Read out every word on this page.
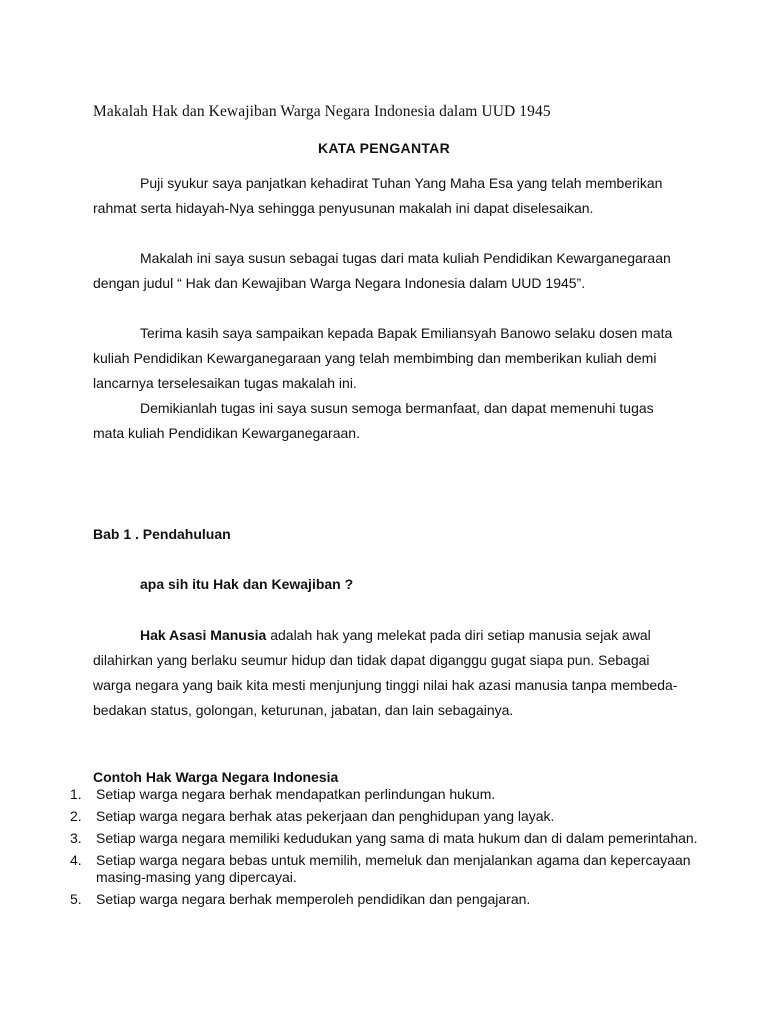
Makalah Hak dan Kewajiban Warga Negara Indonesia dalam UUD 1945
KATA PENGANTAR

Puji syukur saya panjatkan kehadirat Tuhan Yang Maha Esa yang telah memberikan rahmat serta hidayah-Nya sehingga penyusunan makalah ini dapat diselesaikan.

Makalah ini saya susun sebagai tugas dari mata kuliah Pendidikan Kewarganegaraan dengan judul “ Hak dan Kewajiban Warga Negara Indonesia dalam UUD 1945”.

Terima kasih saya sampaikan kepada Bapak Emiliansyah Banowo selaku dosen mata kuliah Pendidikan Kewarganegaraan yang telah membimbing dan memberikan kuliah demi lancarnya terselesaikan tugas makalah ini.

Demikianlah tugas ini saya susun semoga bermanfaat, dan dapat memenuhi tugas mata kuliah Pendidikan Kewarganegaraan.

Bab 1 . Pendahuluan
apa sih itu Hak dan Kewajiban ?

Hak Asasi Manusia adalah hak yang melekat pada diri setiap manusia sejak awal dilahirkan yang berlaku seumur hidup dan tidak dapat diganggu gugat siapa pun. Sebagai warga negara yang baik kita mesti menjunjung tinggi nilai hak azasi manusia tanpa membeda-bedakan status, golongan, keturunan, jabatan, dan lain sebagainya.

Contoh Hak Warga Negara Indonesia
1. Setiap warga negara berhak mendapatkan perlindungan hukum.
2. Setiap warga negara berhak atas pekerjaan dan penghidupan yang layak.
3. Setiap warga negara memiliki kedudukan yang sama di mata hukum dan di dalam pemerintahan.
4. Setiap warga negara bebas untuk memilih, memeluk dan menjalankan agama dan kepercayaan masing-masing yang dipercayai.
5. Setiap warga negara berhak memperoleh pendidikan dan pengajaran.
